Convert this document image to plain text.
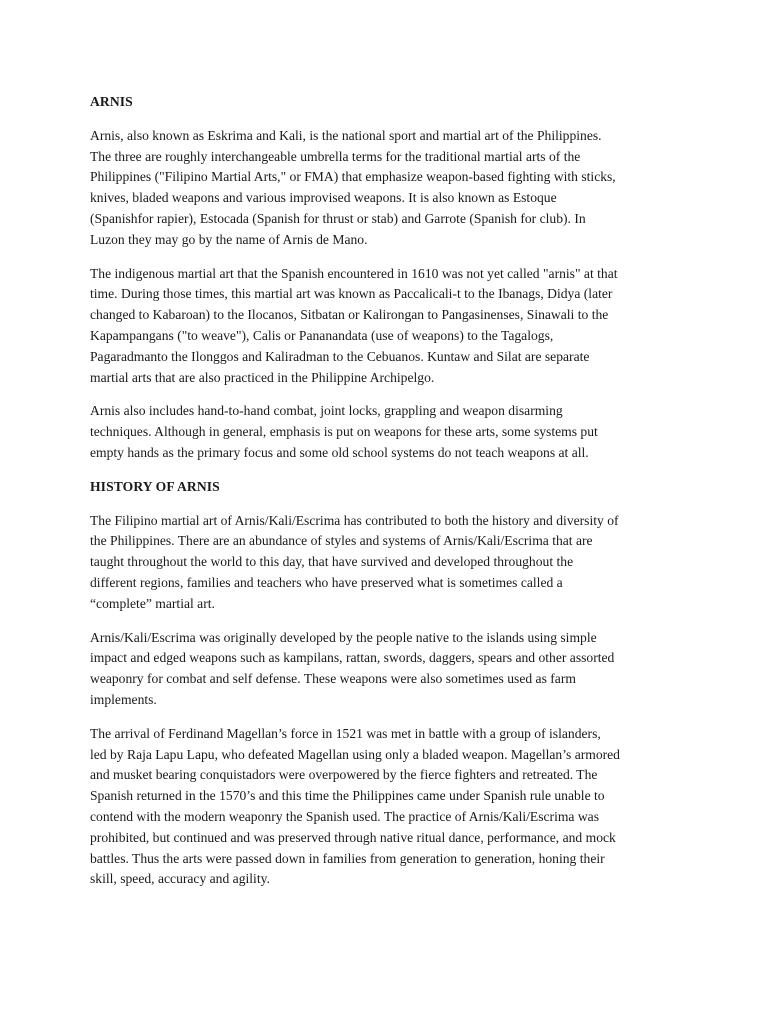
ARNIS

Arnis, also known as Eskrima and Kali, is the national sport and martial art of the Philippines.
The three are roughly interchangeable umbrella terms for the traditional martial arts of the
Philippines ("Filipino Martial Arts," or FMA) that emphasize weapon-based fighting with sticks,
knives, bladed weapons and various improvised weapons. It is also known as Estoque
(Spanishfor rapier), Estocada (Spanish for thrust or stab) and Garrote (Spanish for club). In
Luzon they may go by the name of Arnis de Mano.

The indigenous martial art that the Spanish encountered in 1610 was not yet called "arnis" at that
time. During those times, this martial art was known as Paccalicali-t to the Ibanags, Didya (later
changed to Kabaroan) to the Ilocanos, Sitbatan or Kalirongan to Pangasinenses, Sinawali to the
Kapampangans ("to weave"), Calis or Pananandata (use of weapons) to the Tagalogs,
Pagaradmanto the Ilonggos and Kaliradman to the Cebuanos. Kuntaw and Silat are separate
martial arts that are also practiced in the Philippine Archipelgo.

Arnis also includes hand-to-hand combat, joint locks, grappling and weapon disarming
techniques. Although in general, emphasis is put on weapons for these arts, some systems put
empty hands as the primary focus and some old school systems do not teach weapons at all.

HISTORY OF ARNIS

The Filipino martial art of Arnis/Kali/Escrima has contributed to both the history and diversity of
the Philippines. There are an abundance of styles and systems of Arnis/Kali/Escrima that are
taught throughout the world to this day, that have survived and developed throughout the
different regions, families and teachers who have preserved what is sometimes called a
“complete” martial art.

Arnis/Kali/Escrima was originally developed by the people native to the islands using simple
impact and edged weapons such as kampilans, rattan, swords, daggers, spears and other assorted
weaponry for combat and self defense. These weapons were also sometimes used as farm
implements.

The arrival of Ferdinand Magellan’s force in 1521 was met in battle with a group of islanders,
led by Raja Lapu Lapu, who defeated Magellan using only a bladed weapon. Magellan’s armored
and musket bearing conquistadors were overpowered by the fierce fighters and retreated. The
Spanish returned in the 1570’s and this time the Philippines came under Spanish rule unable to
contend with the modern weaponry the Spanish used. The practice of Arnis/Kali/Escrima was
prohibited, but continued and was preserved through native ritual dance, performance, and mock
battles. Thus the arts were passed down in families from generation to generation, honing their
skill, speed, accuracy and agility.
